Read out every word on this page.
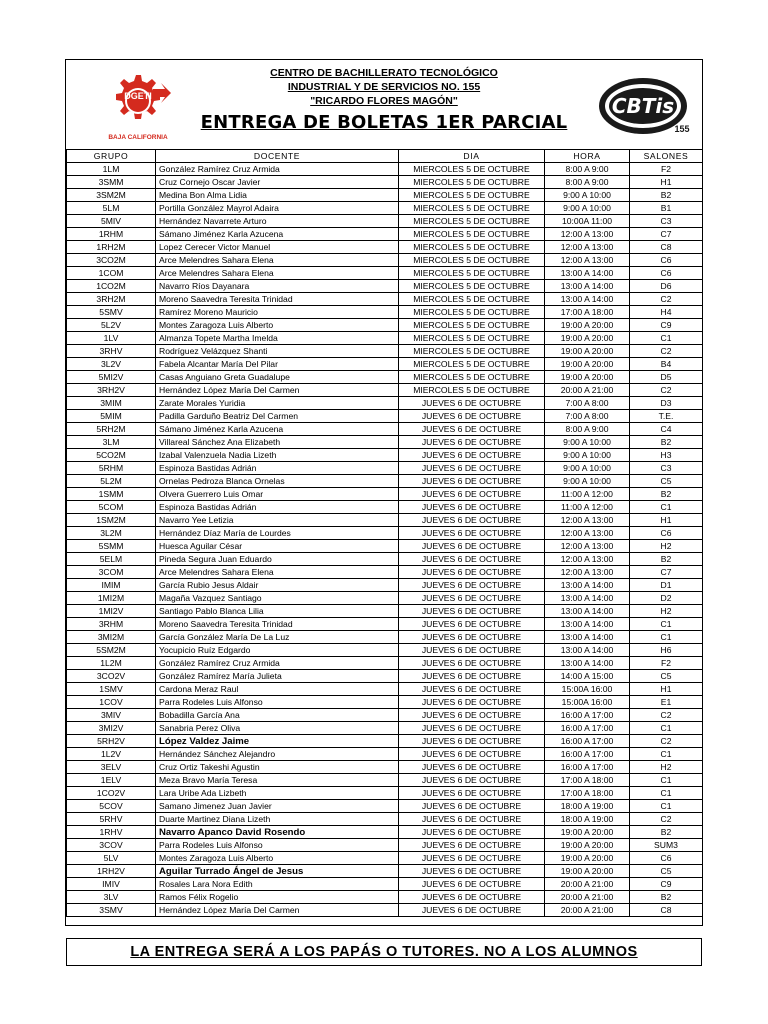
DGETI
BAJA CALIFORNIA
CENTRO DE BACHILLERATO TECNOLÓGICO
INDUSTRIAL Y DE SERVICIOS NO. 155
"RICARDO FLORES MAGÓN"
ENTREGA DE BOLETAS 1ER PARCIAL
CBTis
155
GRUPO	DOCENTE	DIA	HORA	SALONES
1LM	González Ramírez Cruz Armida	MIERCOLES 5 DE OCTUBRE	8:00 A 9:00	F2
3SMM	Cruz Cornejo Oscar Javier	MIERCOLES 5 DE OCTUBRE	8:00 A 9:00	H1
3SM2M	Medina Bon Alma Lidia	MIERCOLES 5 DE OCTUBRE	9:00 A 10:00	B2
5LM	Portilla González Mayrol Adaira	MIERCOLES 5 DE OCTUBRE	9:00 A 10:00	B1
5MIV	Hernández Navarrete Arturo	MIERCOLES 5 DE OCTUBRE	10:00A 11:00	C3
1RHM	Sámano Jiménez Karla Azucena	MIERCOLES 5 DE OCTUBRE	12:00 A 13:00	C7
1RH2M	Lopez Cerecer Victor Manuel	MIERCOLES 5 DE OCTUBRE	12:00 A 13:00	C8
3CO2M	Arce Melendres Sahara Elena	MIERCOLES 5 DE OCTUBRE	12:00 A 13:00	C6
1COM	Arce Melendres Sahara Elena	MIERCOLES 5 DE OCTUBRE	13:00 A 14:00	C6
1CO2M	Navarro Ríos Dayanara	MIERCOLES 5 DE OCTUBRE	13:00 A 14:00	D6
3RH2M	Moreno Saavedra Teresita Trinidad	MIERCOLES 5 DE OCTUBRE	13:00 A 14:00	C2
5SMV	Ramírez Moreno Mauricio	MIERCOLES 5 DE OCTUBRE	17:00 A 18:00	H4
5L2V	Montes Zaragoza Luis Alberto	MIERCOLES 5 DE OCTUBRE	19:00 A 20:00	C9
1LV	Almanza Topete Martha Imelda	MIERCOLES 5 DE OCTUBRE	19:00 A 20:00	C1
3RHV	Rodríguez Velázquez Shanti	MIERCOLES 5 DE OCTUBRE	19:00 A 20:00	C2
3L2V	Fabela Alcantar María Del Pilar	MIERCOLES 5 DE OCTUBRE	19:00 A 20:00	B4
5MI2V	Casas Anguiano Greta Guadalupe	MIERCOLES 5 DE OCTUBRE	19:00 A 20:00	D5
3RH2V	Hernández López María Del Carmen	MIERCOLES 5 DE OCTUBRE	20:00 A 21:00	C2
3MIM	Zarate Morales Yuridia	JUEVES 6 DE OCTUBRE	7:00 A 8:00	D3
5MIM	Padilla Garduño Beatriz Del Carmen	JUEVES 6 DE OCTUBRE	7:00 A 8:00	T.E.
5RH2M	Sámano Jiménez Karla Azucena	JUEVES 6 DE OCTUBRE	8:00 A 9:00	C4
3LM	Villareal Sánchez Ana Elizabeth	JUEVES 6 DE OCTUBRE	9:00 A 10:00	B2
5CO2M	Izabal Valenzuela Nadia Lizeth	JUEVES 6 DE OCTUBRE	9:00 A 10:00	H3
5RHM	Espinoza Bastidas Adrián	JUEVES 6 DE OCTUBRE	9:00 A 10:00	C3
5L2M	Ornelas Pedroza Blanca Ornelas	JUEVES 6 DE OCTUBRE	9:00 A 10:00	C5
1SMM	Olvera Guerrero Luis Omar	JUEVES 6 DE OCTUBRE	11:00 A 12:00	B2
5COM	Espinoza Bastidas Adrián	JUEVES 6 DE OCTUBRE	11:00 A 12:00	C1
1SM2M	Navarro Yee Letizia	JUEVES 6 DE OCTUBRE	12:00 A 13:00	H1
3L2M	Hernández Díaz María de Lourdes	JUEVES 6 DE OCTUBRE	12:00 A 13:00	C6
5SMM	Huesca Aguilar César	JUEVES 6 DE OCTUBRE	12:00 A 13:00	H2
5ELM	Pineda Segura Juan Eduardo	JUEVES 6 DE OCTUBRE	12:00 A 13:00	B2
3COM	Arce Melendres Sahara Elena	JUEVES 6 DE OCTUBRE	12:00 A 13:00	C7
IMIM	García Rubio Jesus Aldair	JUEVES 6 DE OCTUBRE	13:00 A 14:00	D1
1MI2M	Magaña Vazquez Santiago	JUEVES 6 DE OCTUBRE	13:00 A 14:00	D2
1MI2V	Santiago Pablo Blanca Lilia	JUEVES 6 DE OCTUBRE	13:00 A 14:00	H2
3RHM	Moreno Saavedra Teresita Trinidad	JUEVES 6 DE OCTUBRE	13:00 A 14:00	C1
3MI2M	García González María De La Luz	JUEVES 6 DE OCTUBRE	13:00 A 14:00	C1
5SM2M	Yocupicio Ruíz Edgardo	JUEVES 6 DE OCTUBRE	13:00 A 14:00	H6
1L2M	González Ramírez Cruz Armida	JUEVES 6 DE OCTUBRE	13:00 A 14:00	F2
3CO2V	González Ramírez María Julieta	JUEVES 6 DE OCTUBRE	14:00 A 15:00	C5
1SMV	Cardona Meraz Raul	JUEVES 6 DE OCTUBRE	15:00A 16:00	H1
1COV	Parra Rodeles Luis Alfonso	JUEVES 6 DE OCTUBRE	15:00A 16:00	E1
3MIV	Bobadilla García Ana	JUEVES 6 DE OCTUBRE	16:00 A 17:00	C2
3MI2V	Sanabria Perez Oliva	JUEVES 6 DE OCTUBRE	16:00 A 17:00	C1
5RH2V	López Valdez Jaime	JUEVES 6 DE OCTUBRE	16:00 A 17:00	C2
1L2V	Hernández Sánchez Alejandro	JUEVES 6 DE OCTUBRE	16:00 A 17:00	C1
3ELV	Cruz Ortiz Takeshi Agustin	JUEVES 6 DE OCTUBRE	16:00 A 17:00	H2
1ELV	Meza Bravo María Teresa	JUEVES 6 DE OCTUBRE	17:00 A 18:00	C1
1CO2V	Lara Uribe Ada Lizbeth	JUEVES 6 DE OCTUBRE	17:00 A 18:00	C1
5COV	Samano Jimenez Juan Javier	JUEVES 6 DE OCTUBRE	18:00 A 19:00	C1
5RHV	Duarte Martinez Diana Lizeth	JUEVES 6 DE OCTUBRE	18:00 A 19:00	C2
1RHV	Navarro Apanco David Rosendo	JUEVES 6 DE OCTUBRE	19:00 A 20:00	B2
3COV	Parra Rodeles Luis Alfonso	JUEVES 6 DE OCTUBRE	19:00 A 20:00	SUM3
5LV	Montes Zaragoza Luis Alberto	JUEVES 6 DE OCTUBRE	19:00 A 20:00	C6
1RH2V	Aguilar Turrado Ángel de Jesus	JUEVES 6 DE OCTUBRE	19:00 A 20:00	C5
IMIV	Rosales Lara Nora Edith	JUEVES 6 DE OCTUBRE	20:00 A 21:00	C9
3LV	Ramos Félix Rogelio	JUEVES 6 DE OCTUBRE	20:00 A 21:00	B2
3SMV	Hernández López María Del Carmen	JUEVES 6 DE OCTUBRE	20:00 A 21:00	C8
LA ENTREGA SERÁ A LOS PAPÁS O TUTORES. NO A LOS ALUMNOS
